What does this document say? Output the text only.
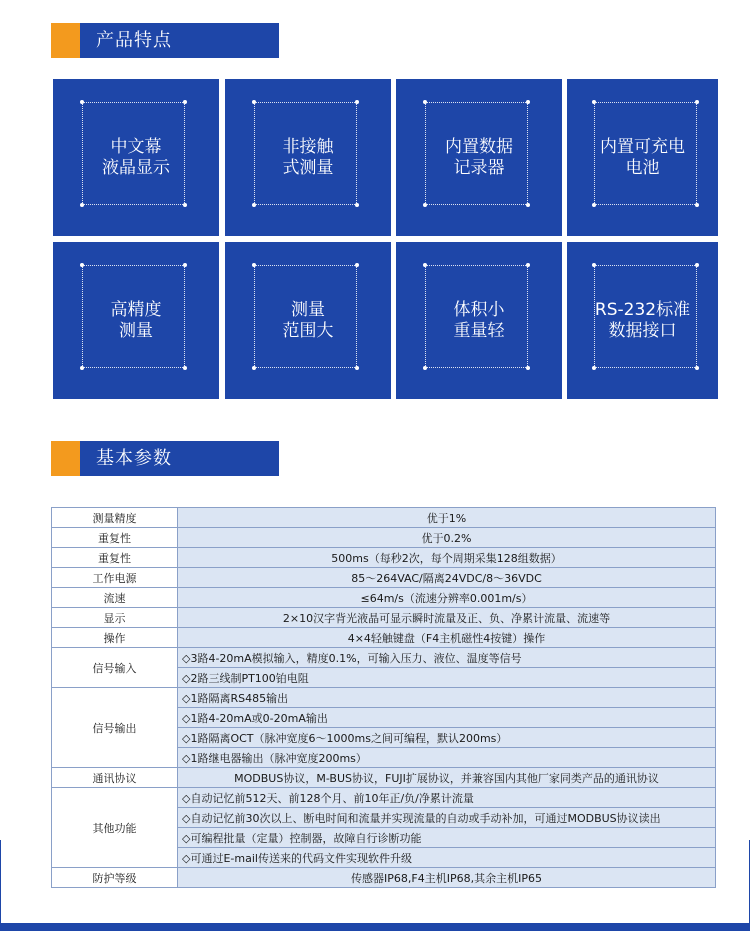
产品特点
中文幕
液晶显示
非接触
式测量
内置数据
记录器
内置可充电
电池
高精度
测量
测量
范围大
体积小
重量轻
RS-232标准
数据接口
基本参数
测量精度	优于1%
重复性	优于0.2%
重复性	500ms（每秒2次，每个周期采集128组数据）
工作电源	85～264VAC/隔离24VDC/8～36VDC
流速	≤64m/s（流速分辨率0.001m/s）
显示	2×10汉字背光液晶可显示瞬时流量及正、负、净累计流量、流速等
操作	4×4轻触键盘（F4主机磁性4按键）操作
信号输入	◇3路4-20mA模拟输入，精度0.1%，可输入压力、液位、温度等信号
	◇2路三线制PT100铂电阻
信号输出	◇1路隔离RS485输出
	◇1路4-20mA或0-20mA输出
	◇1路隔离OCT（脉冲宽度6～1000ms之间可编程，默认200ms）
	◇1路继电器输出（脉冲宽度200ms）
通讯协议	MODBUS协议，M-BUS协议，FUJI扩展协议，并兼容国内其他厂家同类产品的通讯协议
其他功能	◇自动记忆前512天、前128个月、前10年正/负/净累计流量
	◇自动记忆前30次以上、断电时间和流量并实现流量的自动或手动补加，可通过MODBUS协议读出
	◇可编程批量（定量）控制器，故障自行诊断功能
	◇可通过E-mail传送来的代码文件实现软件升级
防护等级	传感器IP68,F4主机IP68,其余主机IP65
